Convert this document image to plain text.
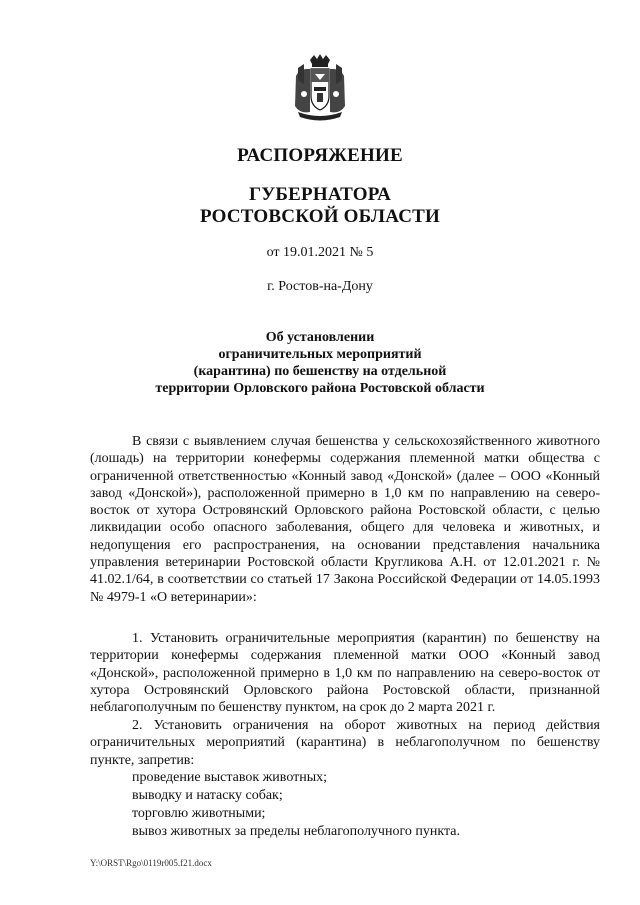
РАСПОРЯЖЕНИЕ
ГУБЕРНАТОРА
РОСТОВСКОЙ ОБЛАСТИ
от 19.01.2021 № 5
г. Ростов-на-Дону
Об установлении
ограничительных мероприятий
(карантина) по бешенству на отдельной
территории Орловского района Ростовской области
В связи с выявлением случая бешенства у сельскохозяйственного животного (лошадь) на территории конефермы содержания племенной матки общества с ограниченной ответственностью «Конный завод «Донской» (далее – ООО «Конный завод «Донской»), расположенной примерно в 1,0 км по направлению на северо-восток от хутора Островянский Орловского района Ростовской области, с целью ликвидации особо опасного заболевания, общего для человека и животных, и недопущения его распространения, на основании представления начальника управления ветеринарии Ростовской области Кругликова А.Н. от 12.01.2021 г. № 41.02.1/64, в соответствии со статьей 17 Закона Российской Федерации от 14.05.1993 № 4979-1 «О ветеринарии»:
1. Установить ограничительные мероприятия (карантин) по бешенству на территории конефермы содержания племенной матки ООО «Конный завод «Донской», расположенной примерно в 1,0 км по направлению на северо-восток от хутора Островянский Орловского района Ростовской области, признанной неблагополучным по бешенству пунктом, на срок до 2 марта 2021 г.
2. Установить ограничения на оборот животных на период действия ограничительных мероприятий (карантина) в неблагополучном по бешенству пункте, запретив:
проведение выставок животных;
выводку и натаску собак;
торговлю животными;
вывоз животных за пределы неблагополучного пункта.
Y:\ORST\Rgo\0119r005.f21.docx
